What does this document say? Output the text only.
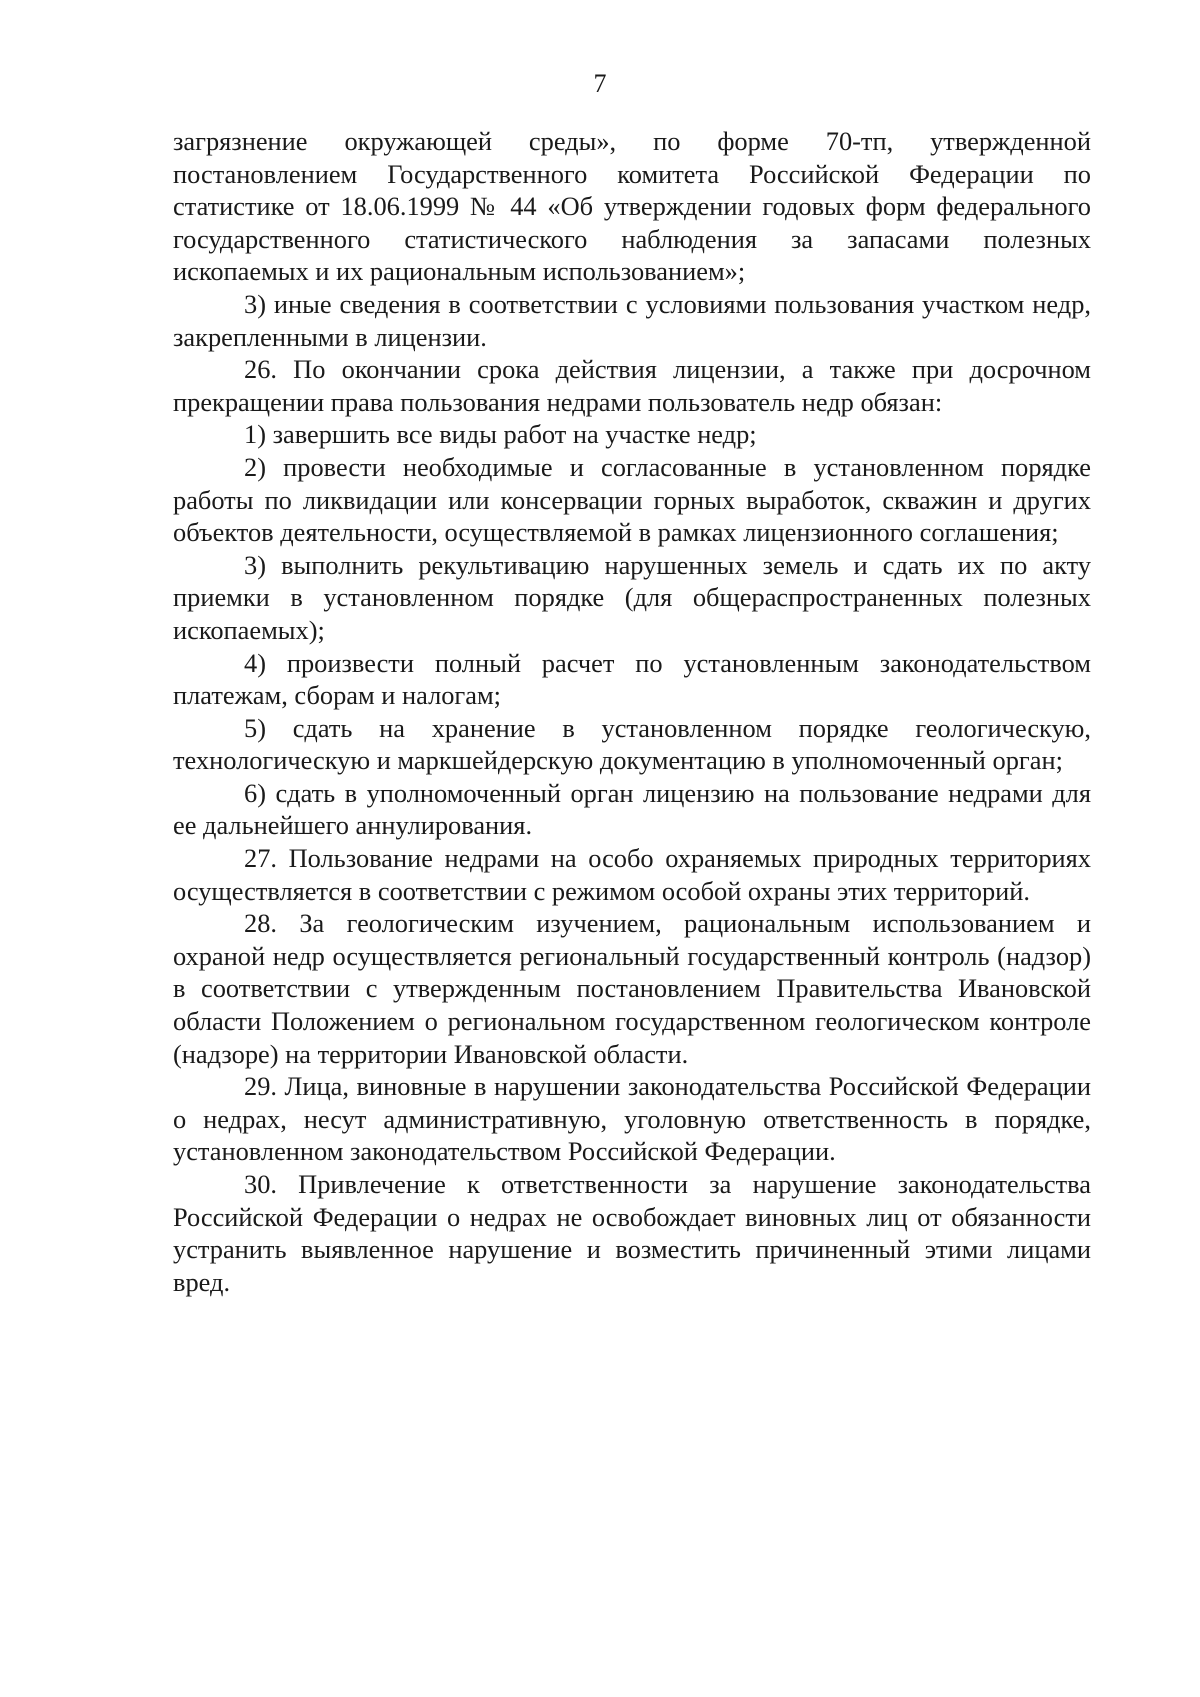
7

загрязнение окружающей среды», по форме 70-тп, утвержденной постановлением Государственного комитета Российской Федерации по статистике от 18.06.1999 № 44 «Об утверждении годовых форм федерального государственного статистического наблюдения за запасами полезных ископаемых и их рациональным использованием»;

3) иные сведения в соответствии с условиями пользования участком недр, закрепленными в лицензии.

26. По окончании срока действия лицензии, а также при досрочном прекращении права пользования недрами пользователь недр обязан:

1) завершить все виды работ на участке недр;

2) провести необходимые и согласованные в установленном порядке работы по ликвидации или консервации горных выработок, скважин и других объектов деятельности, осуществляемой в рамках лицензионного соглашения;

3) выполнить рекультивацию нарушенных земель и сдать их по акту приемки в установленном порядке (для общераспространенных полезных ископаемых);

4) произвести полный расчет по установленным законодательством платежам, сборам и налогам;

5) сдать на хранение в установленном порядке геологическую, технологическую и маркшейдерскую документацию в уполномоченный орган;

6) сдать в уполномоченный орган лицензию на пользование недрами для ее дальнейшего аннулирования.

27. Пользование недрами на особо охраняемых природных территориях осуществляется в соответствии с режимом особой охраны этих территорий.

28. За геологическим изучением, рациональным использованием и охраной недр осуществляется региональный государственный контроль (надзор) в соответствии с утвержденным постановлением Правительства Ивановской области Положением о региональном государственном геологическом контроле (надзоре) на территории Ивановской области.

29. Лица, виновные в нарушении законодательства Российской Федерации о недрах, несут административную, уголовную ответственность в порядке, установленном законодательством Российской Федерации.

30. Привлечение к ответственности за нарушение законодательства Российской Федерации о недрах не освобождает виновных лиц от обязанности устранить выявленное нарушение и возместить причиненный этими лицами вред.
